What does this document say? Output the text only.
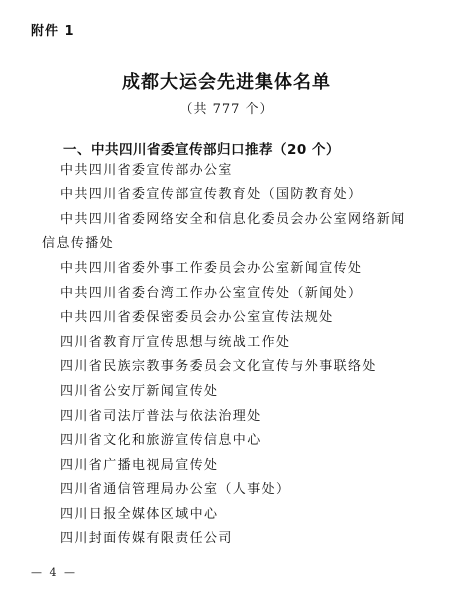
附件 1
成都大运会先进集体名单
（共 777 个）
一、中共四川省委宣传部归口推荐（20 个）
中共四川省委宣传部办公室
中共四川省委宣传部宣传教育处（国防教育处）
中共四川省委网络安全和信息化委员会办公室网络新闻
信息传播处
中共四川省委外事工作委员会办公室新闻宣传处
中共四川省委台湾工作办公室宣传处（新闻处）
中共四川省委保密委员会办公室宣传法规处
四川省教育厅宣传思想与统战工作处
四川省民族宗教事务委员会文化宣传与外事联络处
四川省公安厅新闻宣传处
四川省司法厅普法与依法治理处
四川省文化和旅游宣传信息中心
四川省广播电视局宣传处
四川省通信管理局办公室（人事处）
四川日报全媒体区域中心
四川封面传媒有限责任公司
— 4 —
